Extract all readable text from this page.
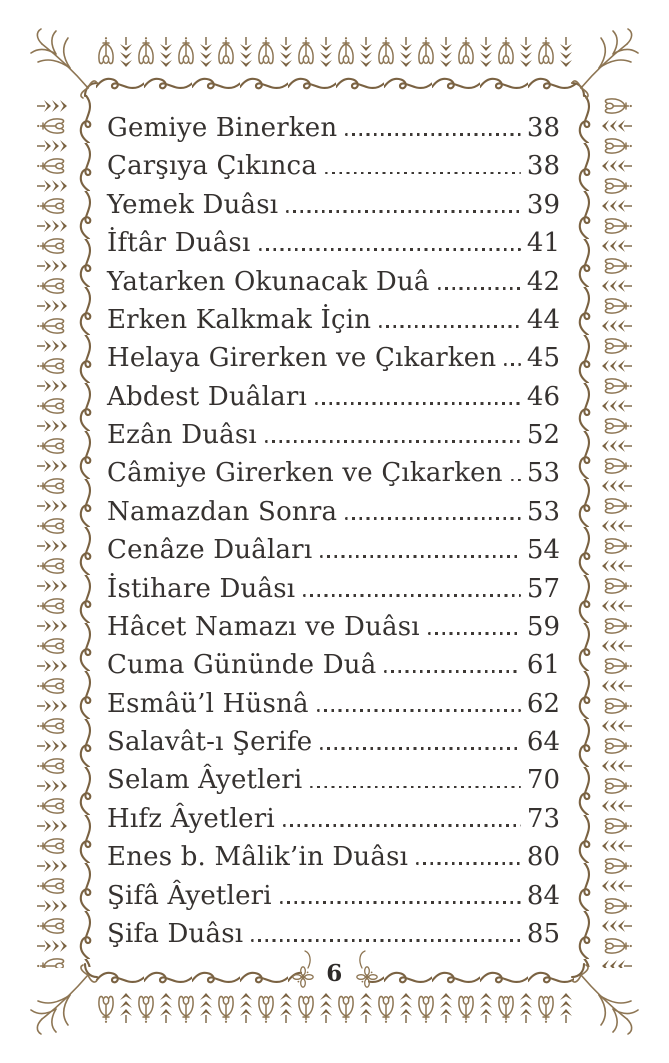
Gemiye Binerken	38
Çarşıya Çıkınca	38
Yemek Duâsı	39
İftâr Duâsı	41
Yatarken Okunacak Duâ	42
Erken Kalkmak İçin	44
Helaya Girerken ve Çıkarken 45
Abdest Duâları	46
Ezân Duâsı	52
Câmiye Girerken ve Çıkarken 53
Namazdan Sonra	53
Cenâze Duâları	54
İstihare Duâsı	57
Hâcet Namazı ve Duâsı	59
Cuma Gününde Duâ	61
Esmâü’l Hüsnâ	62
Salavât-ı Şerife	64
Selam Âyetleri	70
Hıfz Âyetleri	73
Enes b. Mâlik’in Duâsı	80
Şifâ Âyetleri	84
Şifa Duâsı	85
6
